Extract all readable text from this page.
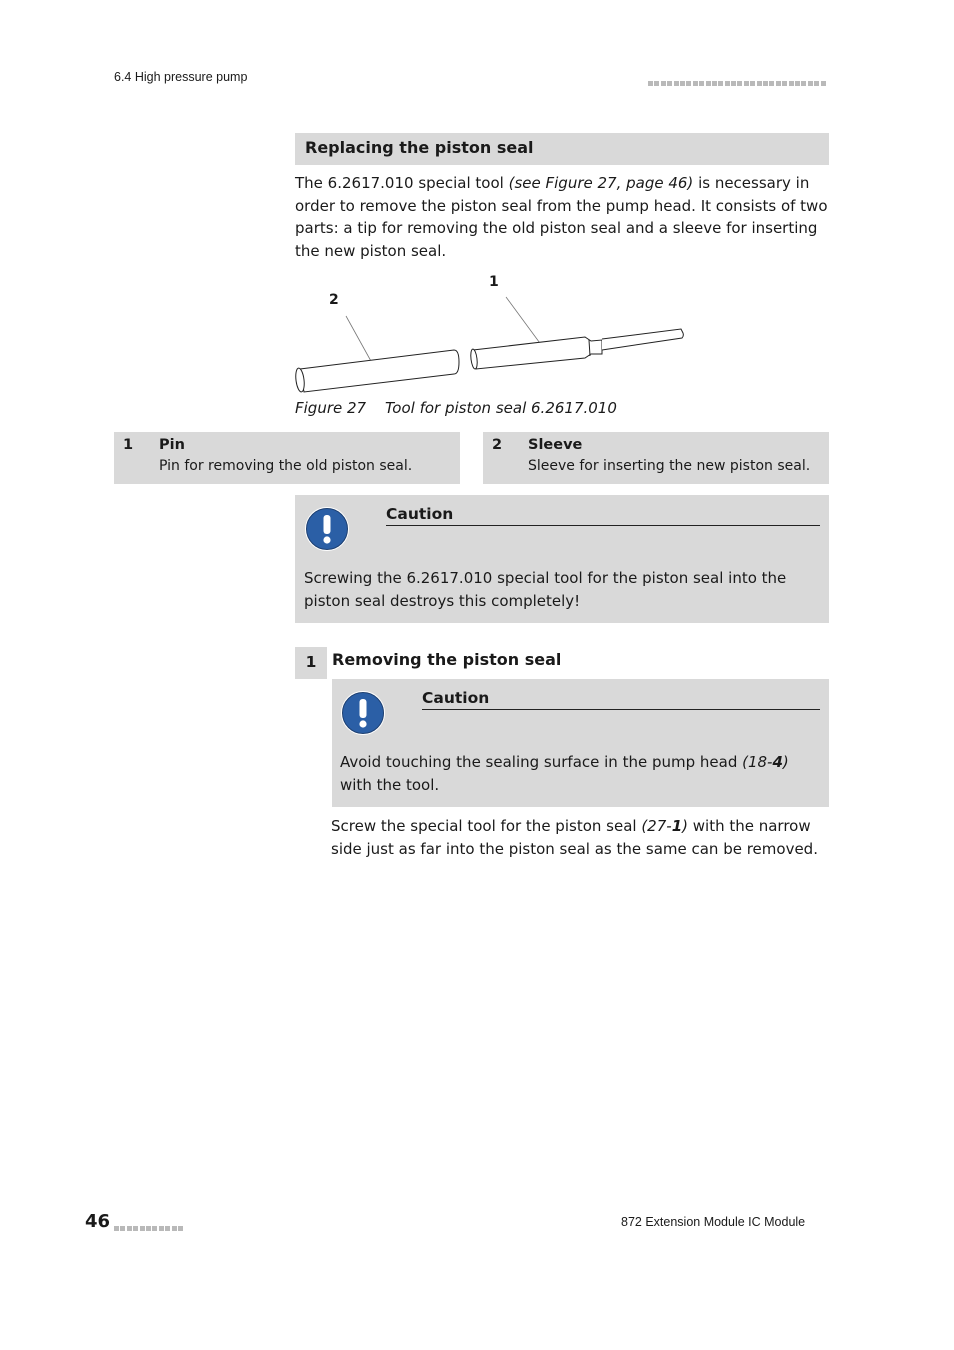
6.4 High pressure pump
Replacing the piston seal
The 6.2617.010 special tool (see Figure 27, page 46) is necessary in order to remove the piston seal from the pump head. It consists of two parts: a tip for removing the old piston seal and a sleeve for inserting the new piston seal.
2
1
Figure 27 Tool for piston seal 6.2617.010
1 Pin
Pin for removing the old piston seal.
2 Sleeve
Sleeve for inserting the new piston seal.
Caution
Screwing the 6.2617.010 special tool for the piston seal into the piston seal destroys this completely!
1 Removing the piston seal
Caution
Avoid touching the sealing surface in the pump head (18-4) with the tool.
Screw the special tool for the piston seal (27-1) with the narrow side just as far into the piston seal as the same can be removed.
46	872 Extension Module IC Module
